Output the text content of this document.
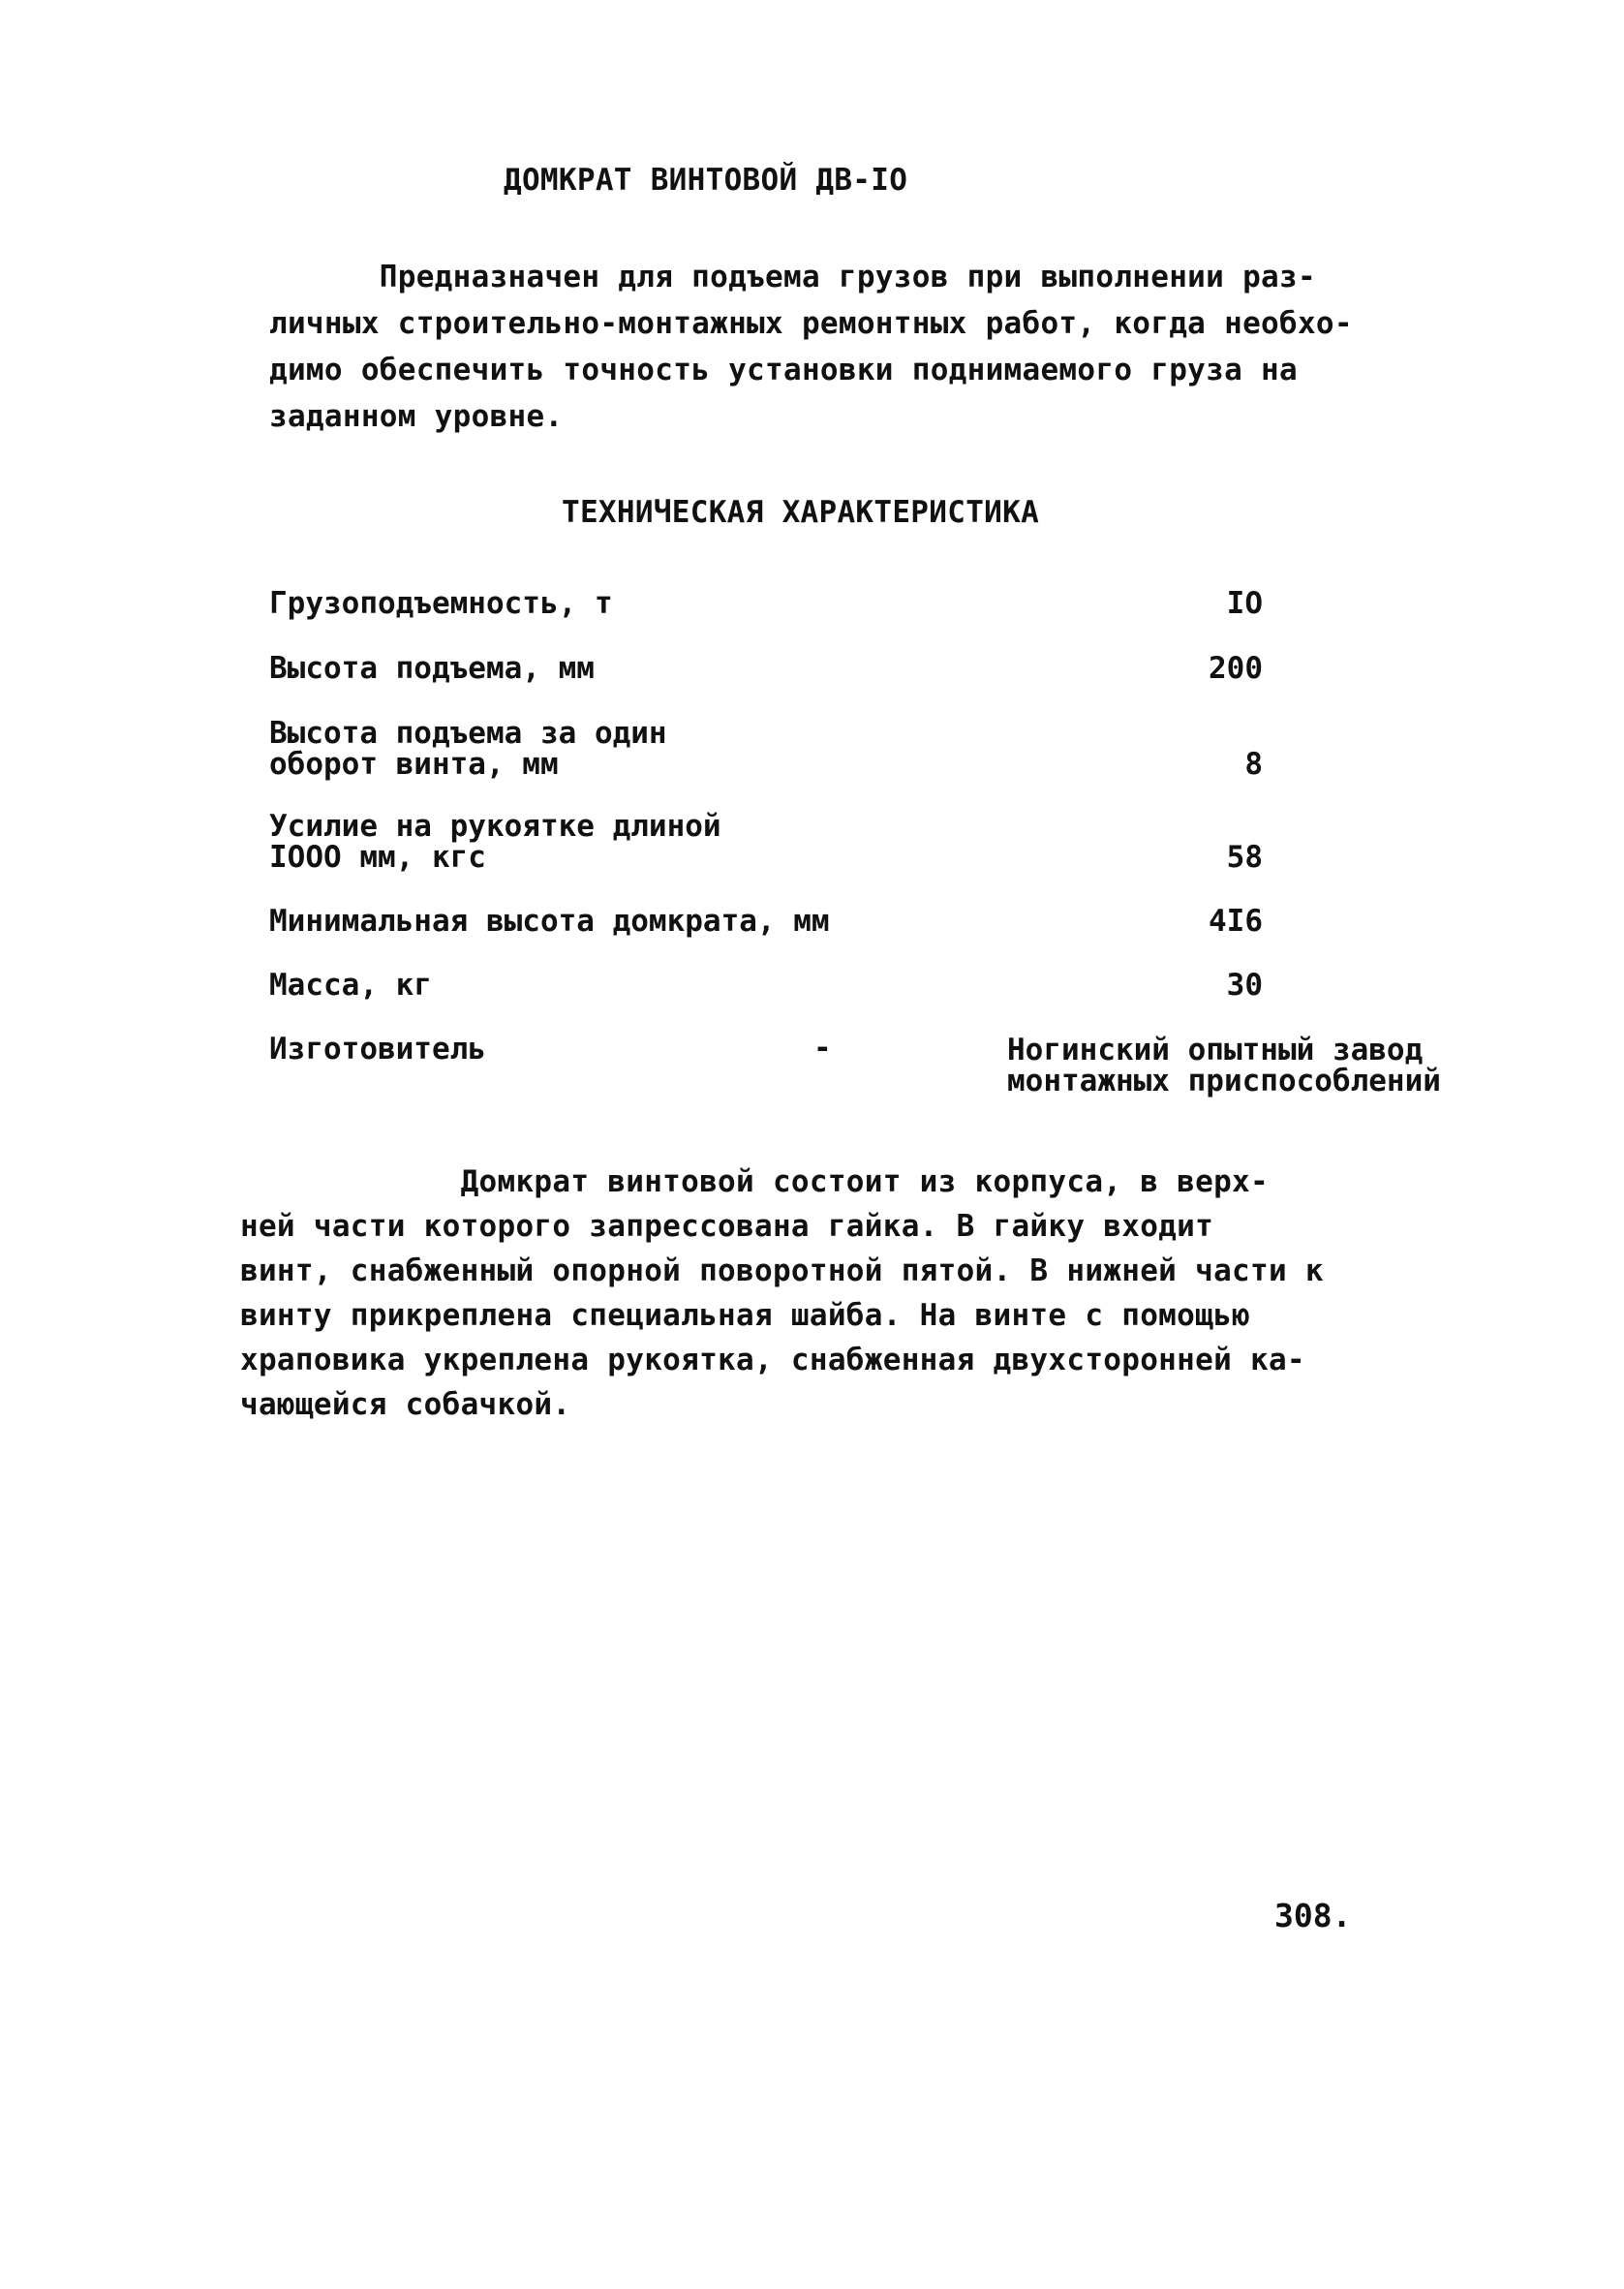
ДОМКРАТ ВИНТОВОЙ ДВ-IO
Предназначен для подъема грузов при выполнении раз-
личных строительно-монтажных ремонтных работ, когда необхо-
димо обеспечить точность установки поднимаемого груза на
заданном уровне.
ТЕХНИЧЕСКАЯ ХАРАКТЕРИСТИКА
Грузоподъемность, т	IO
Высота подъема, мм	200
Высота подъема за один
оборот винта, мм	8
Усилие на рукоятке длиной
IOOO мм, кгс	58
Минимальная высота домкрата, мм	4I6
Масса, кг	30
Изготовитель	-	Ногинский опытный завод
монтажных приспособлений
Домкрат винтовой состоит из корпуса, в верх-
ней части которого запрессована гайка. В гайку входит
винт, снабженный опорной поворотной пятой. В нижней части к
винту прикреплена специальная шайба. На винте с помощью
храповика укреплена рукоятка, снабженная двухсторонней ка-
чающейся собачкой.
308.
